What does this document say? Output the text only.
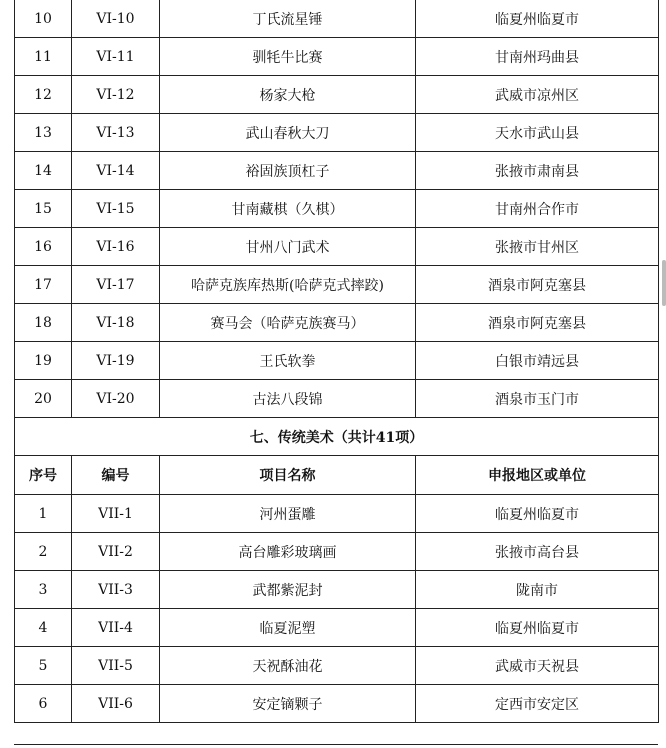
10	VI-10	丁氏流星锤	临夏州临夏市
11	VI-11	驯牦牛比赛	甘南州玛曲县
12	VI-12	杨家大枪	武威市凉州区
13	VI-13	武山春秋大刀	天水市武山县
14	VI-14	裕固族顶杠子	张掖市肃南县
15	VI-15	甘南藏棋（久棋）	甘南州合作市
16	VI-16	甘州八门武术	张掖市甘州区
17	VI-17	哈萨克族库热斯(哈萨克式摔跤)	酒泉市阿克塞县
18	VI-18	赛马会（哈萨克族赛马）	酒泉市阿克塞县
19	VI-19	王氏软拳	白银市靖远县
20	VI-20	古法八段锦	酒泉市玉门市
七、传统美术（共计41项）			
序号	编号	项目名称	申报地区或单位
1	VII-1	河州蛋雕	临夏州临夏市
2	VII-2	高台雕彩玻璃画	张掖市高台县
3	VII-3	武都紫泥封	陇南市
4	VII-4	临夏泥塑	临夏州临夏市
5	VII-5	天祝酥油花	武威市天祝县
6	VII-6	安定镝颗子	定西市安定区
